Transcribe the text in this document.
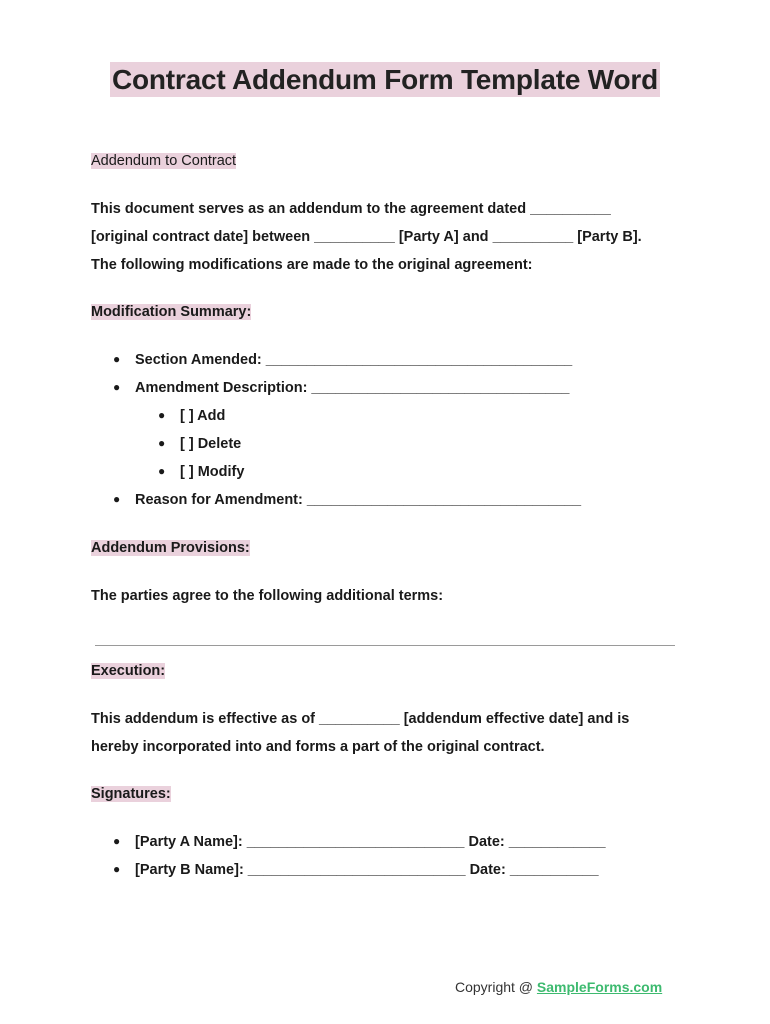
Contract Addendum Form Template Word
Addendum to Contract
This document serves as an addendum to the agreement dated __________
[original contract date] between __________ [Party A] and __________ [Party B].
The following modifications are made to the original agreement:
Modification Summary:
● Section Amended: ______________________________________
● Amendment Description: ________________________________
● [ ] Add
● [ ] Delete
● [ ] Modify
● Reason for Amendment: __________________________________
Addendum Provisions:
The parties agree to the following additional terms:
Execution:
This addendum is effective as of __________ [addendum effective date] and is
hereby incorporated into and forms a part of the original contract.
Signatures:
● [Party A Name]: ___________________________ Date: ____________
● [Party B Name]: ___________________________ Date: ___________
Copyright @ SampleForms.com
